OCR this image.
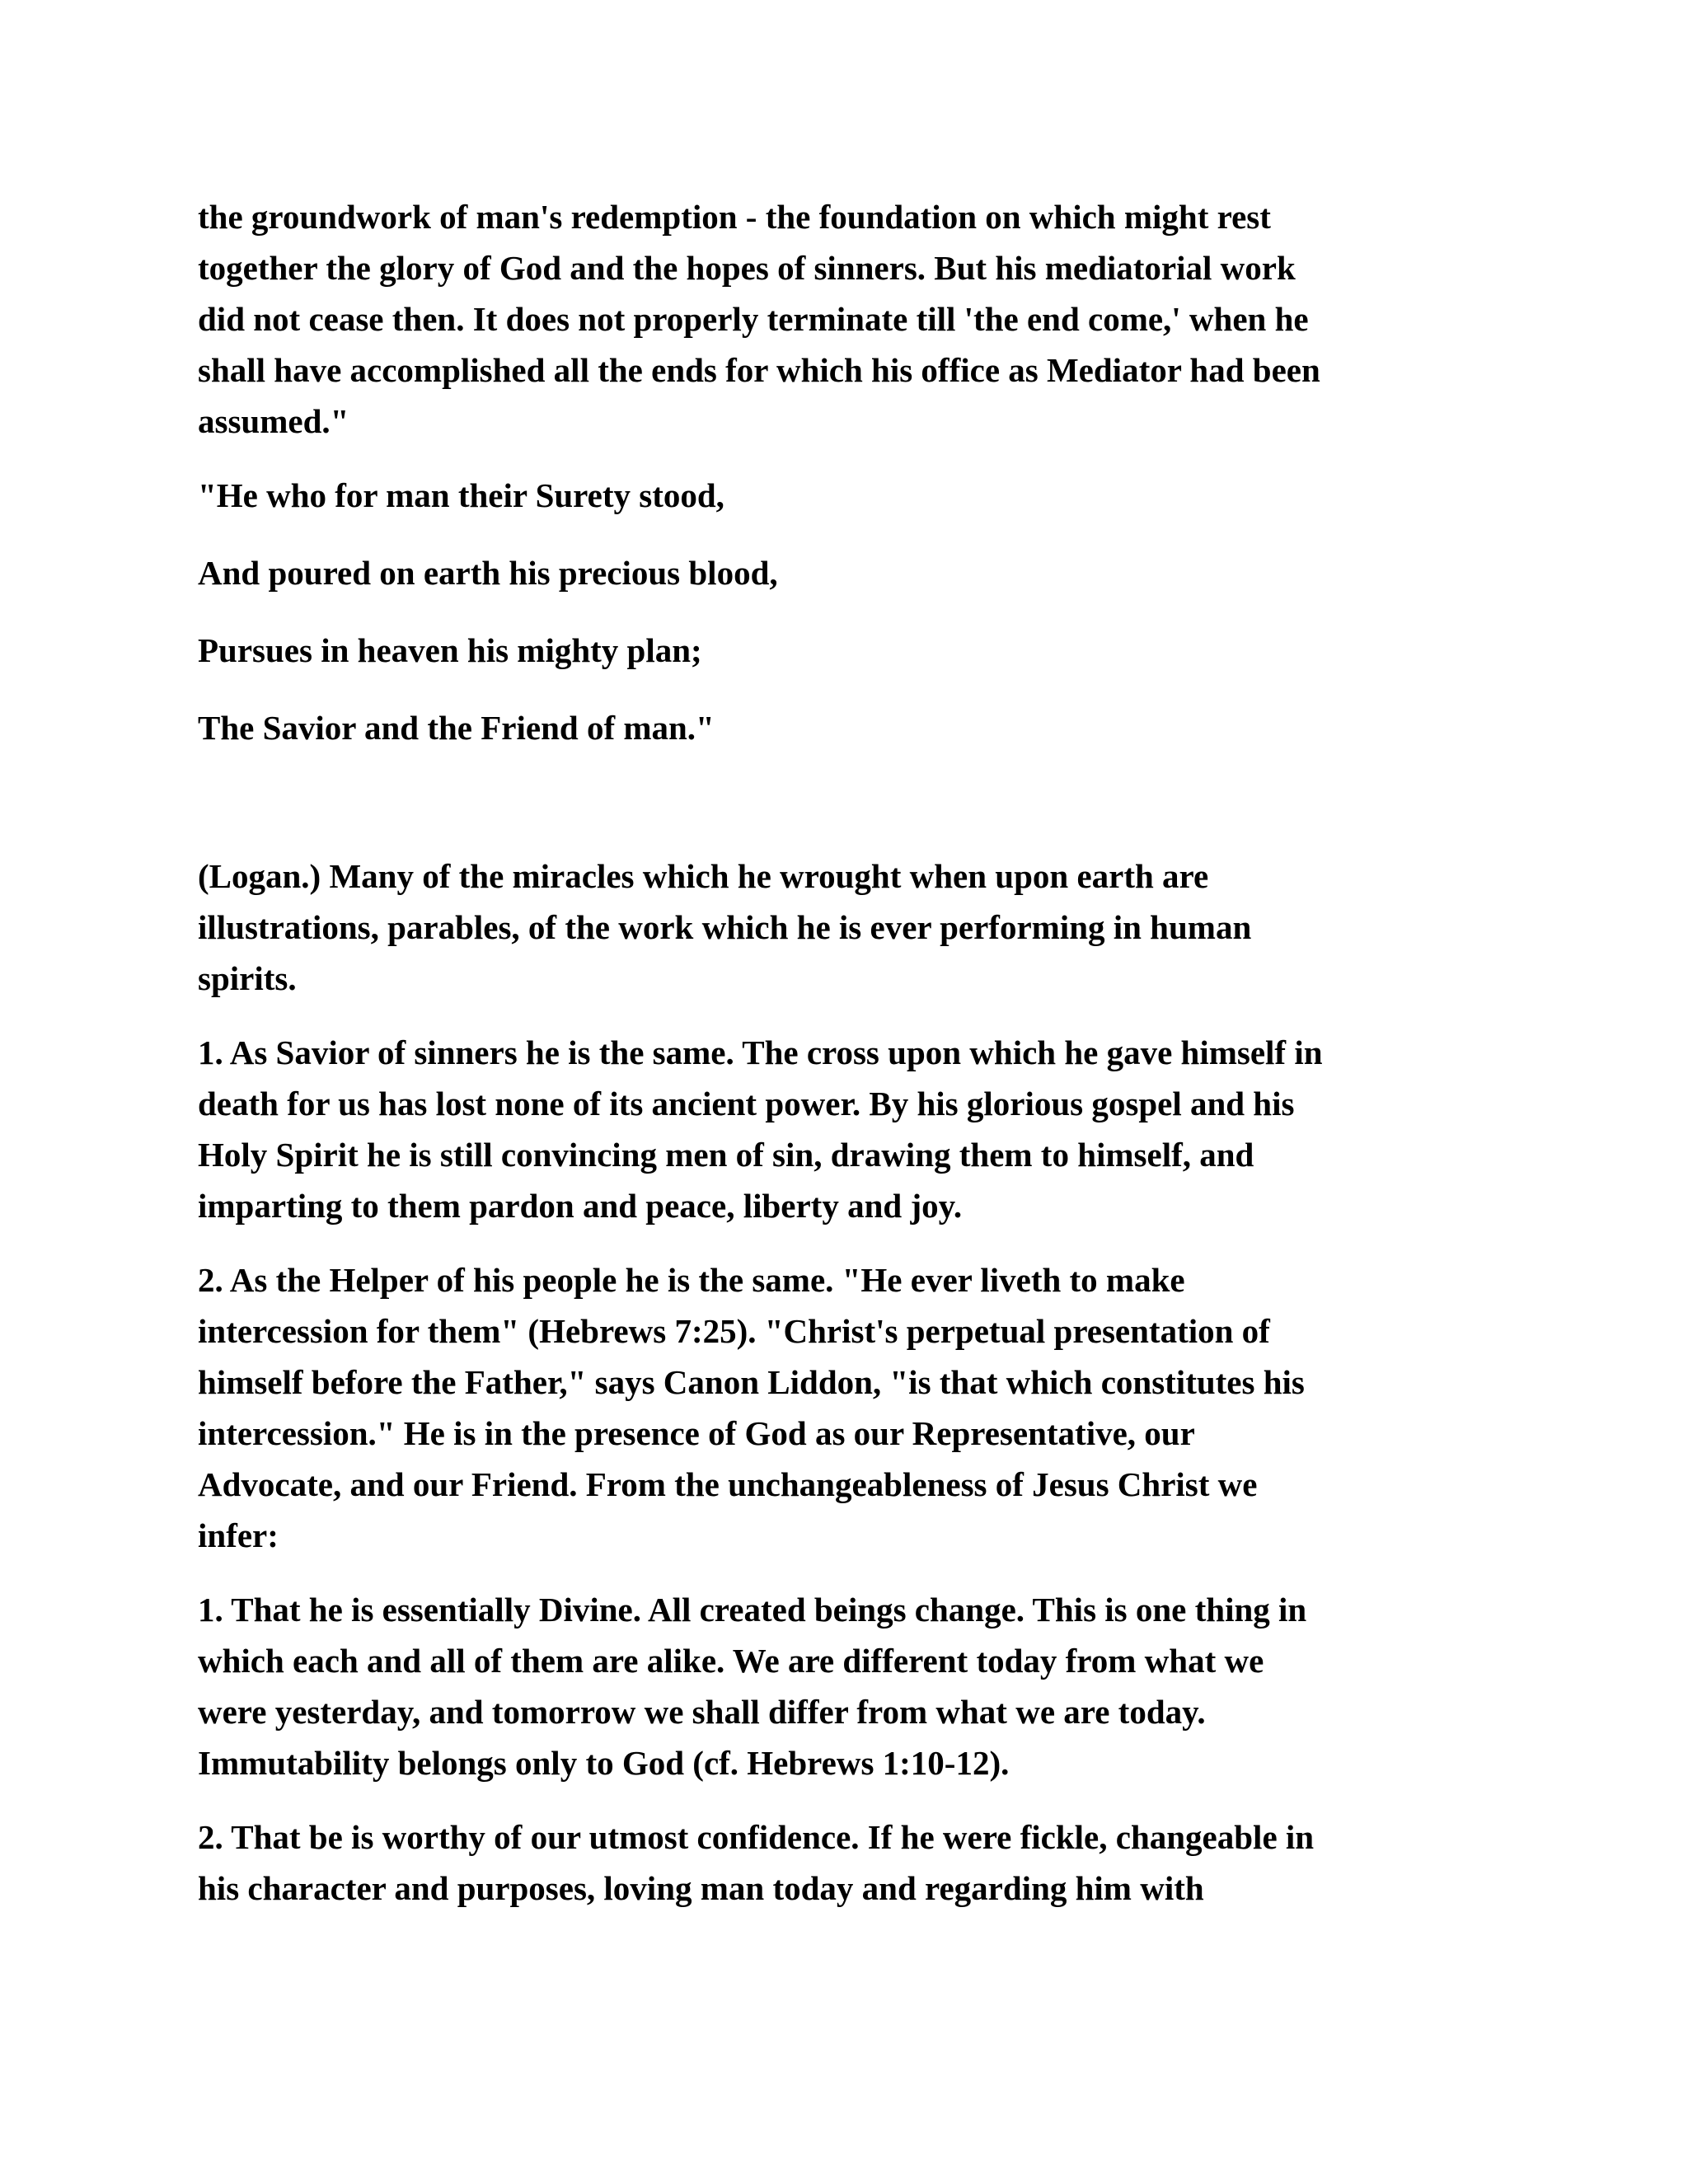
the groundwork of man's redemption - the foundation on which might rest
together the glory of God and the hopes of sinners. But his mediatorial work
did not cease then. It does not properly terminate till 'the end come,' when he
shall have accomplished all the ends for which his office as Mediator had been
assumed."

"He who for man their Surety stood,

And poured on earth his precious blood,

Pursues in heaven his mighty plan;

The Savior and the Friend of man."

(Logan.) Many of the miracles which he wrought when upon earth are
illustrations, parables, of the work which he is ever performing in human
spirits.

1. As Savior of sinners he is the same. The cross upon which he gave himself in
death for us has lost none of its ancient power. By his glorious gospel and his
Holy Spirit he is still convincing men of sin, drawing them to himself, and
imparting to them pardon and peace, liberty and joy.

2. As the Helper of his people he is the same. "He ever liveth to make
intercession for them" (Hebrews 7:25). "Christ's perpetual presentation of
himself before the Father," says Canon Liddon, "is that which constitutes his
intercession." He is in the presence of God as our Representative, our
Advocate, and our Friend. From the unchangeableness of Jesus Christ we
infer:

1. That he is essentially Divine. All created beings change. This is one thing in
which each and all of them are alike. We are different today from what we
were yesterday, and tomorrow we shall differ from what we are today.
Immutability belongs only to God (cf. Hebrews 1:10-12).

2. That be is worthy of our utmost confidence. If he were fickle, changeable in
his character and purposes, loving man today and regarding him with
